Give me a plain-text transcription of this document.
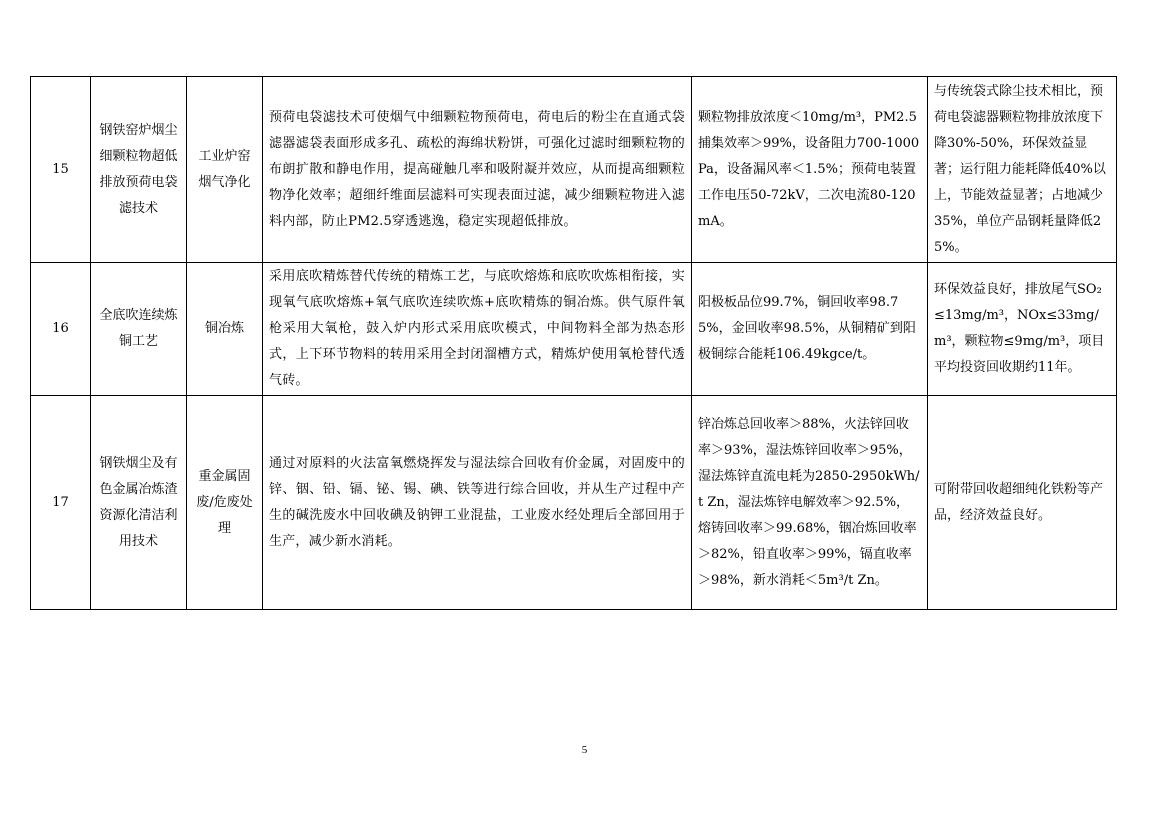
15	钢铁窑炉烟尘细颗粒物超低排放预荷电袋滤技术	工业炉窑烟气净化	预荷电袋滤技术可使烟气中细颗粒物预荷电，荷电后的粉尘在直通式袋滤器滤袋表面形成多孔、疏松的海绵状粉饼，可强化过滤时细颗粒物的布朗扩散和静电作用，提高碰触几率和吸附凝并效应，从而提高细颗粒物净化效率；超细纤维面层滤料可实现表面过滤，减少细颗粒物进入滤料内部，防止PM2.5穿透逃逸，稳定实现超低排放。	颗粒物排放浓度＜10mg/m³，PM2.5捕集效率＞99%，设备阻力700-1000Pa，设备漏风率＜1.5%；预荷电装置工作电压50-72kV，二次电流80-120mA。	与传统袋式除尘技术相比，预荷电袋滤器颗粒物排放浓度下降30%-50%，环保效益显著；运行阻力能耗降低40%以上，节能效益显著；占地减少35%，单位产品钢耗量降低25%。
16	全底吹连续炼铜工艺	铜冶炼	采用底吹精炼替代传统的精炼工艺，与底吹熔炼和底吹吹炼相衔接，实现氧气底吹熔炼+氧气底吹连续吹炼+底吹精炼的铜冶炼。供气原件氧枪采用大氧枪，鼓入炉内形式采用底吹模式，中间物料全部为热态形式，上下环节物料的转用采用全封闭溜槽方式，精炼炉使用氧枪替代透气砖。	阳极板品位99.7%，铜回收率98.75%，金回收率98.5%，从铜精矿到阳极铜综合能耗106.49kgce/t。	环保效益良好，排放尾气SO₂≤13mg/m³，NOx≤33mg/m³，颗粒物≤9mg/m³，项目平均投资回收期约11年。
17	钢铁烟尘及有色金属冶炼渣资源化清洁利用技术	重金属固废/危废处理	通过对原料的火法富氧燃烧挥发与湿法综合回收有价金属，对固废中的锌、铟、铅、镉、铋、锡、碘、铁等进行综合回收，并从生产过程中产生的碱洗废水中回收碘及钠钾工业混盐，工业废水经处理后全部回用于生产，减少新水消耗。	锌冶炼总回收率＞88%，火法锌回收率＞93%，湿法炼锌回收率＞95%，湿法炼锌直流电耗为2850-2950kWh/t Zn，湿法炼锌电解效率＞92.5%，熔铸回收率＞99.68%，铟冶炼回收率＞82%，铅直收率＞99%，镉直收率＞98%，新水消耗＜5m³/t Zn。	可附带回收超细纯化铁粉等产品，经济效益良好。
5
